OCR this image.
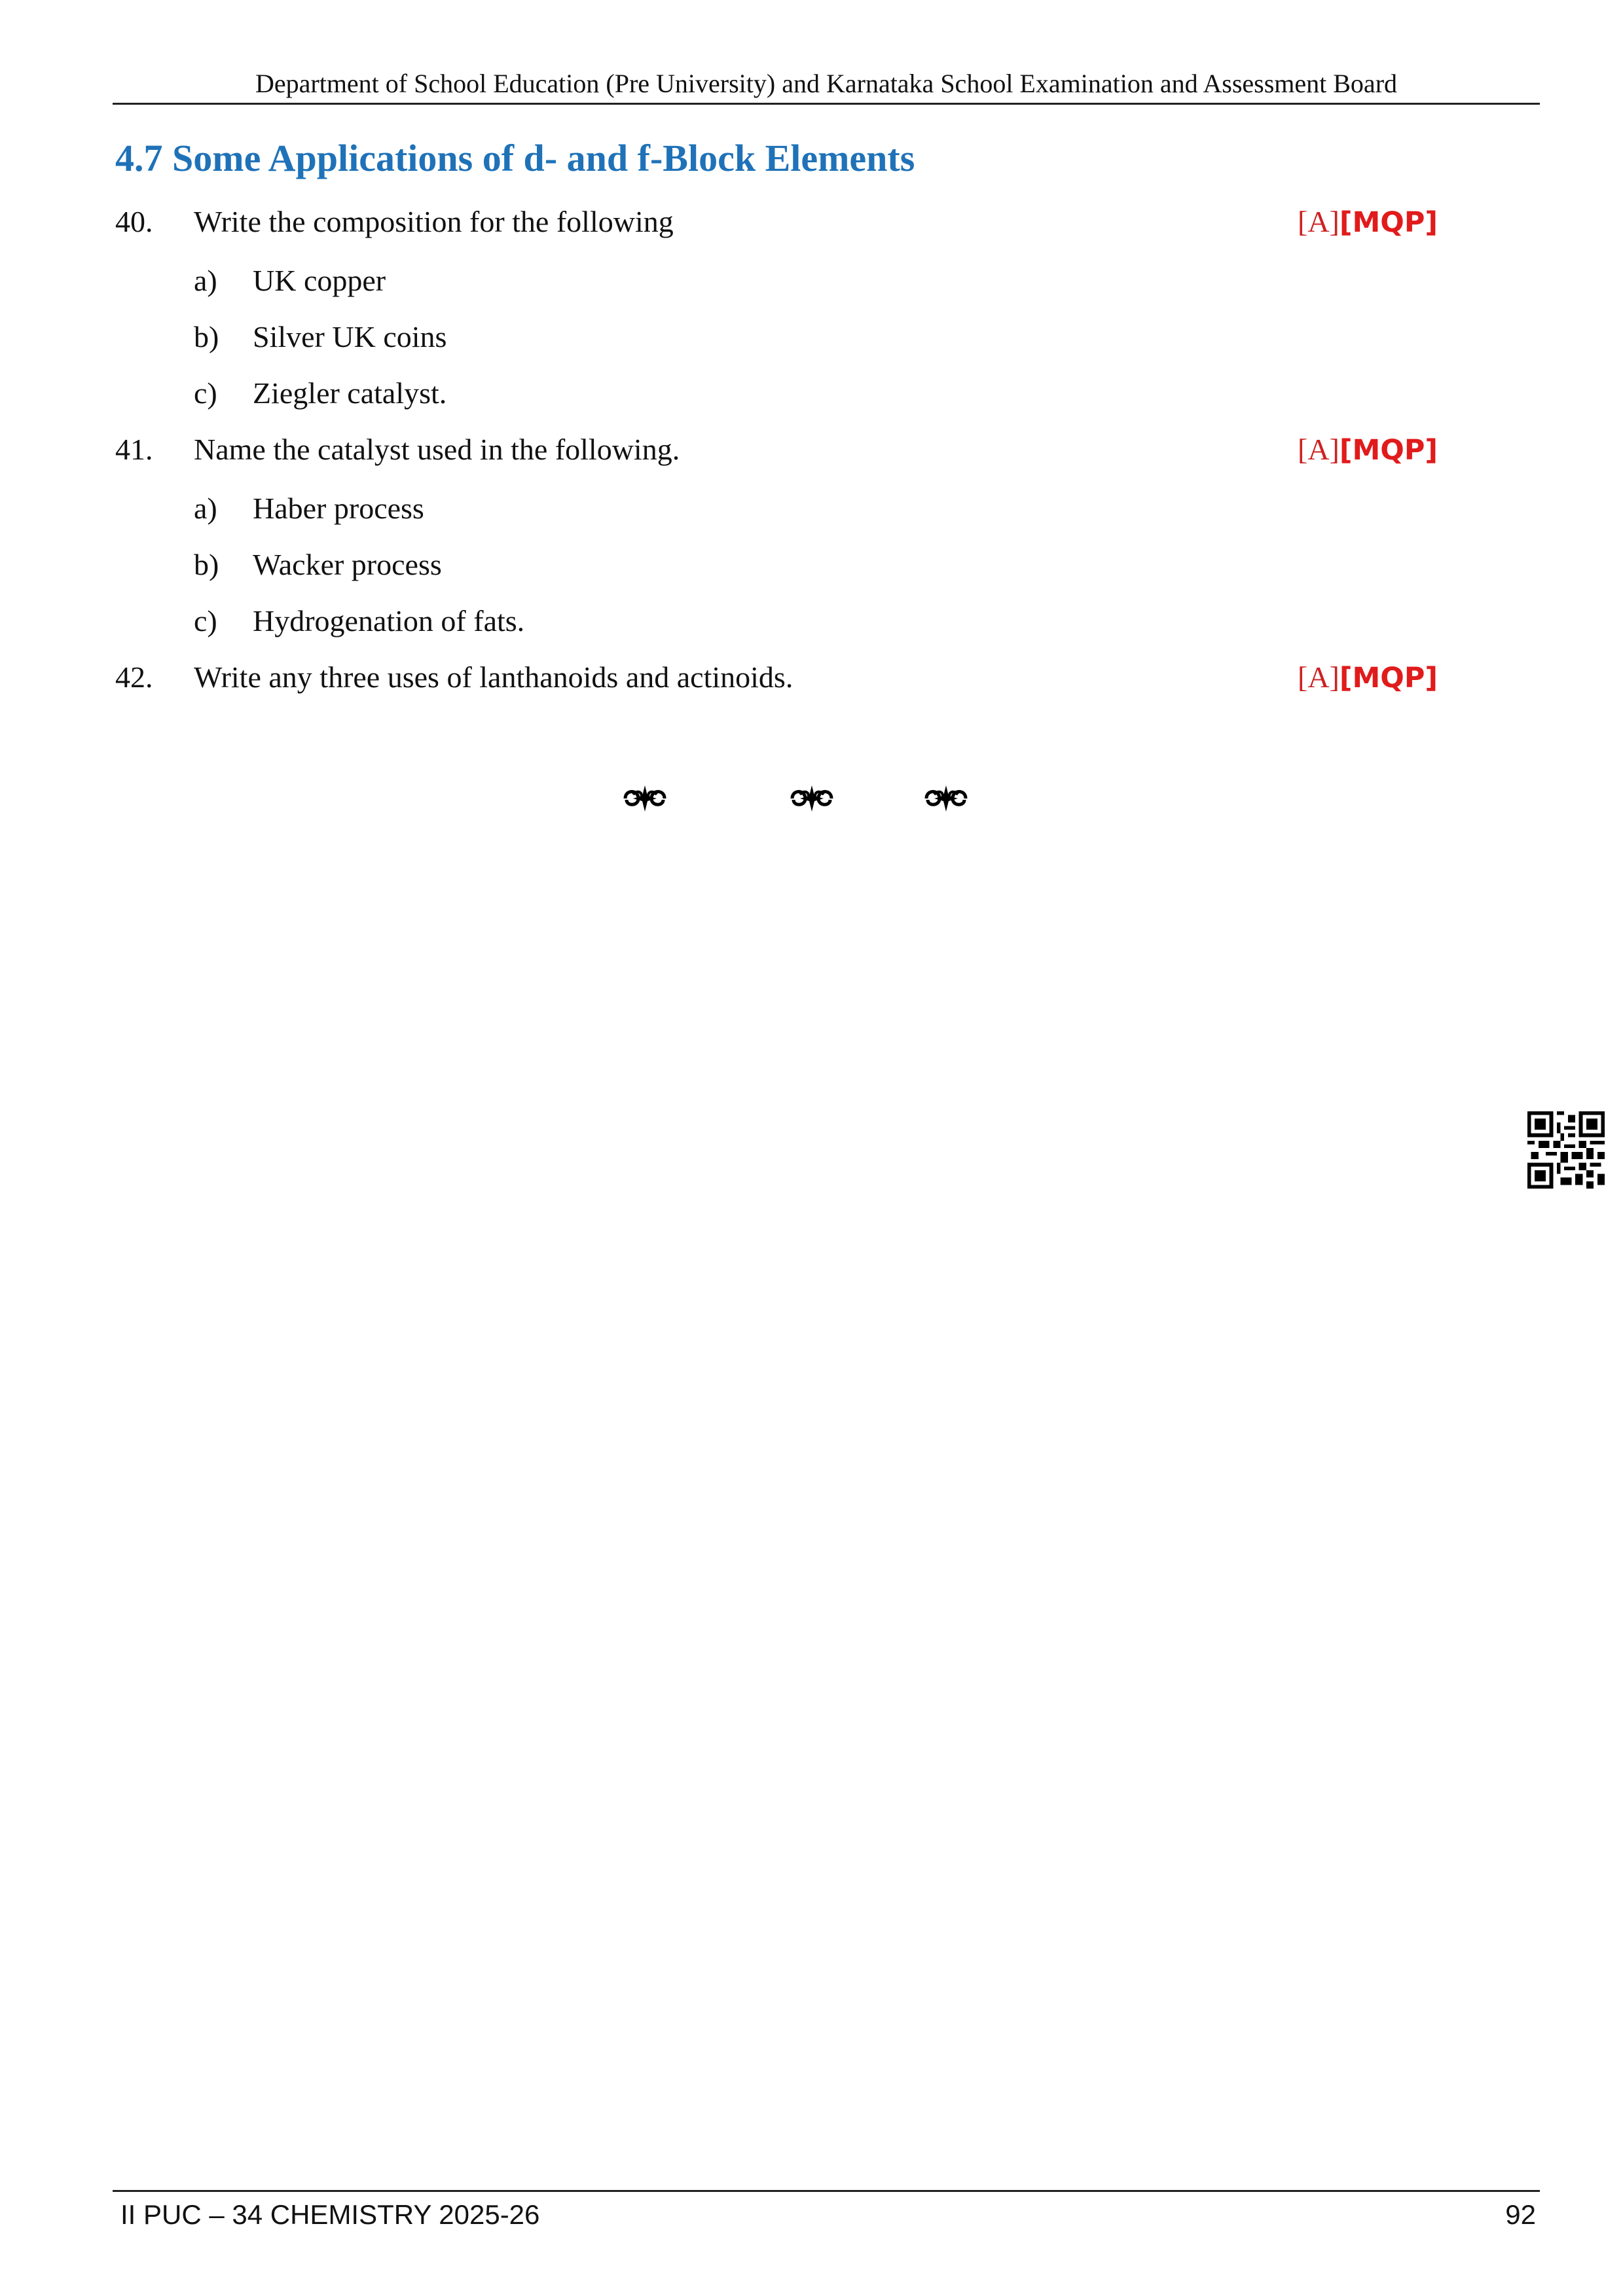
Department of School Education (Pre University) and Karnataka School Examination and Assessment Board
4.7 Some Applications of d- and f-Block Elements
40. Write the composition for the following	[A][MQP]
a) UK copper
b) Silver UK coins
c) Ziegler catalyst.
41. Name the catalyst used in the following.	[A][MQP]
a) Haber process
b) Wacker process
c) Hydrogenation of fats.
42. Write any three uses of lanthanoids and actinoids.	[A][MQP]
II PUC – 34 CHEMISTRY 2025-26	92
